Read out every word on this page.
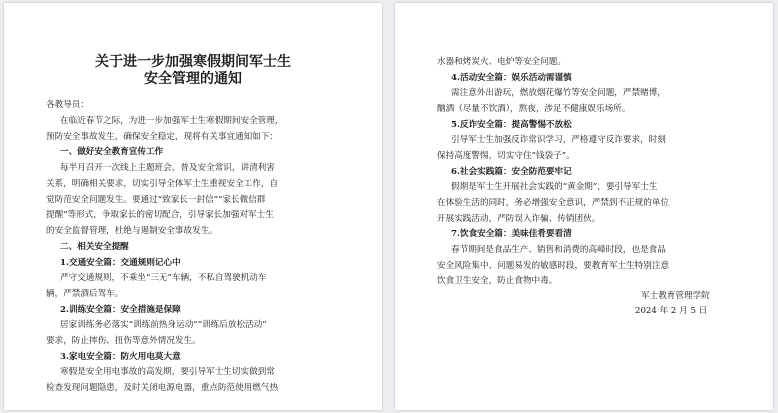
关于进一步加强寒假期间军士生
安全管理的通知
各教导员：
在临近春节之际，为进一步加强军士生寒假期间安全管理，
预防安全事故发生，确保安全稳定，现将有关事宜通知如下：
一、做好安全教育宣传工作
每半月召开一次线上主题班会，普及安全常识，讲清利害
关系，明确相关要求，切实引导全体军士生重视安全工作，自
觉防范安全问题发生。要通过“致家长一封信”“家长微信群
提醒”等形式，争取家长的密切配合，引导家长加强对军士生
的安全监督管理，杜绝与遏制安全事故发生。
二、相关安全提醒
1.交通安全篇：交通规则记心中
严守交通规则，不乘坐“三无”车辆，不私自驾驶机动车
辆，严禁酒后驾车。
2.训练安全篇：安全措施是保障
居家训练务必落实“训练前热身运动”“训练后放松活动”
要求，防止摔伤、扭伤等意外情况发生。
3.家电安全篇：防火用电莫大意
寒假是安全用电事故的高发期，要引导军士生切实做到常
检查发现问题隐患，及时关闭电源电器，重点防范使用燃气热
水器和烤炭火、电炉等安全问题。
4.活动安全篇：娱乐活动需谨慎
需注意外出游玩，燃放烟花爆竹等安全问题，严禁赌博，
酗酒（尽量不饮酒），熬夜，涉足不健康娱乐场所。
5.反诈安全篇：提高警惕不放松
引导军士生加强反诈常识学习，严格遵守反诈要求，时刻
保持高度警惕，切实守住“钱袋子”。
6.社会实践篇：安全防范要牢记
假期是军士生开展社会实践的“黄金期”，要引导军士生
在体验生活的同时，务必增强安全意识，严禁到不正规的单位
开展实践活动，严防误入诈骗、传销团伙。
7.饮食安全篇：美味佳肴要看清
春节期间是食品生产、销售和消费的高峰时段，也是食品
安全风险集中、问题易发的敏感时段，要教育军士生特别注意
饮食卫生安全，防止食物中毒。
军士教育管理学院
2024 年 2 月 5 日
